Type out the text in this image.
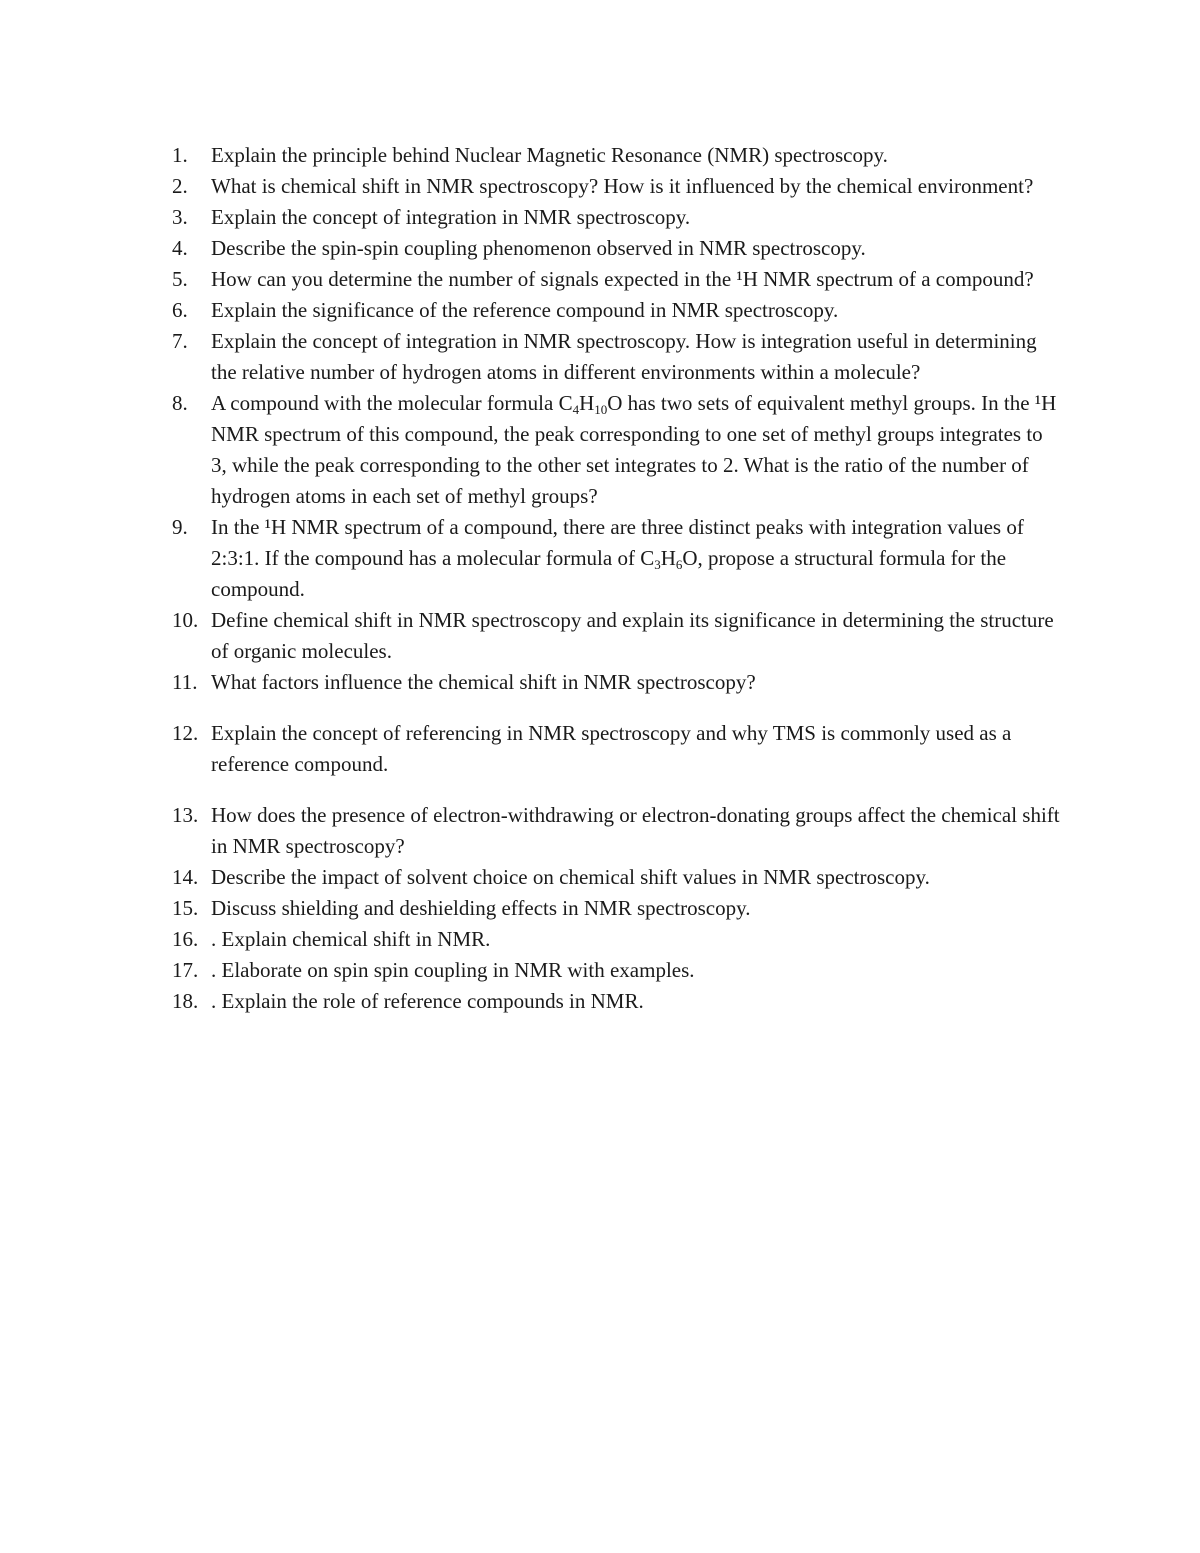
1.	Explain the principle behind Nuclear Magnetic Resonance (NMR) spectroscopy.
2.	What is chemical shift in NMR spectroscopy? How is it influenced by the chemical environment?
3.	Explain the concept of integration in NMR spectroscopy.
4.	Describe the spin-spin coupling phenomenon observed in NMR spectroscopy.
5.	How can you determine the number of signals expected in the ¹H NMR spectrum of a compound?
6.	Explain the significance of the reference compound in NMR spectroscopy.
7.	Explain the concept of integration in NMR spectroscopy. How is integration useful in determining the relative number of hydrogen atoms in different environments within a molecule?
8.	A compound with the molecular formula $C_4H_{10}O$ has two sets of equivalent methyl groups. In the ¹H NMR spectrum of this compound, the peak corresponding to one set of methyl groups integrates to 3, while the peak corresponding to the other set integrates to 2. What is the ratio of the number of hydrogen atoms in each set of methyl groups?
9.	In the ¹H NMR spectrum of a compound, there are three distinct peaks with integration values of 2:3:1. If the compound has a molecular formula of $C_3H_6O$, propose a structural formula for the compound.
10. Define chemical shift in NMR spectroscopy and explain its significance in determining the structure of organic molecules.
11. What factors influence the chemical shift in NMR spectroscopy?
12. Explain the concept of referencing in NMR spectroscopy and why TMS is commonly used as a reference compound.
13. How does the presence of electron-withdrawing or electron-donating groups affect the chemical shift in NMR spectroscopy?
14. Describe the impact of solvent choice on chemical shift values in NMR spectroscopy.
15. Discuss shielding and deshielding effects in NMR spectroscopy.
16. . Explain chemical shift in NMR.
17. . Elaborate on spin spin coupling in NMR with examples.
18. . Explain the role of reference compounds in NMR.
